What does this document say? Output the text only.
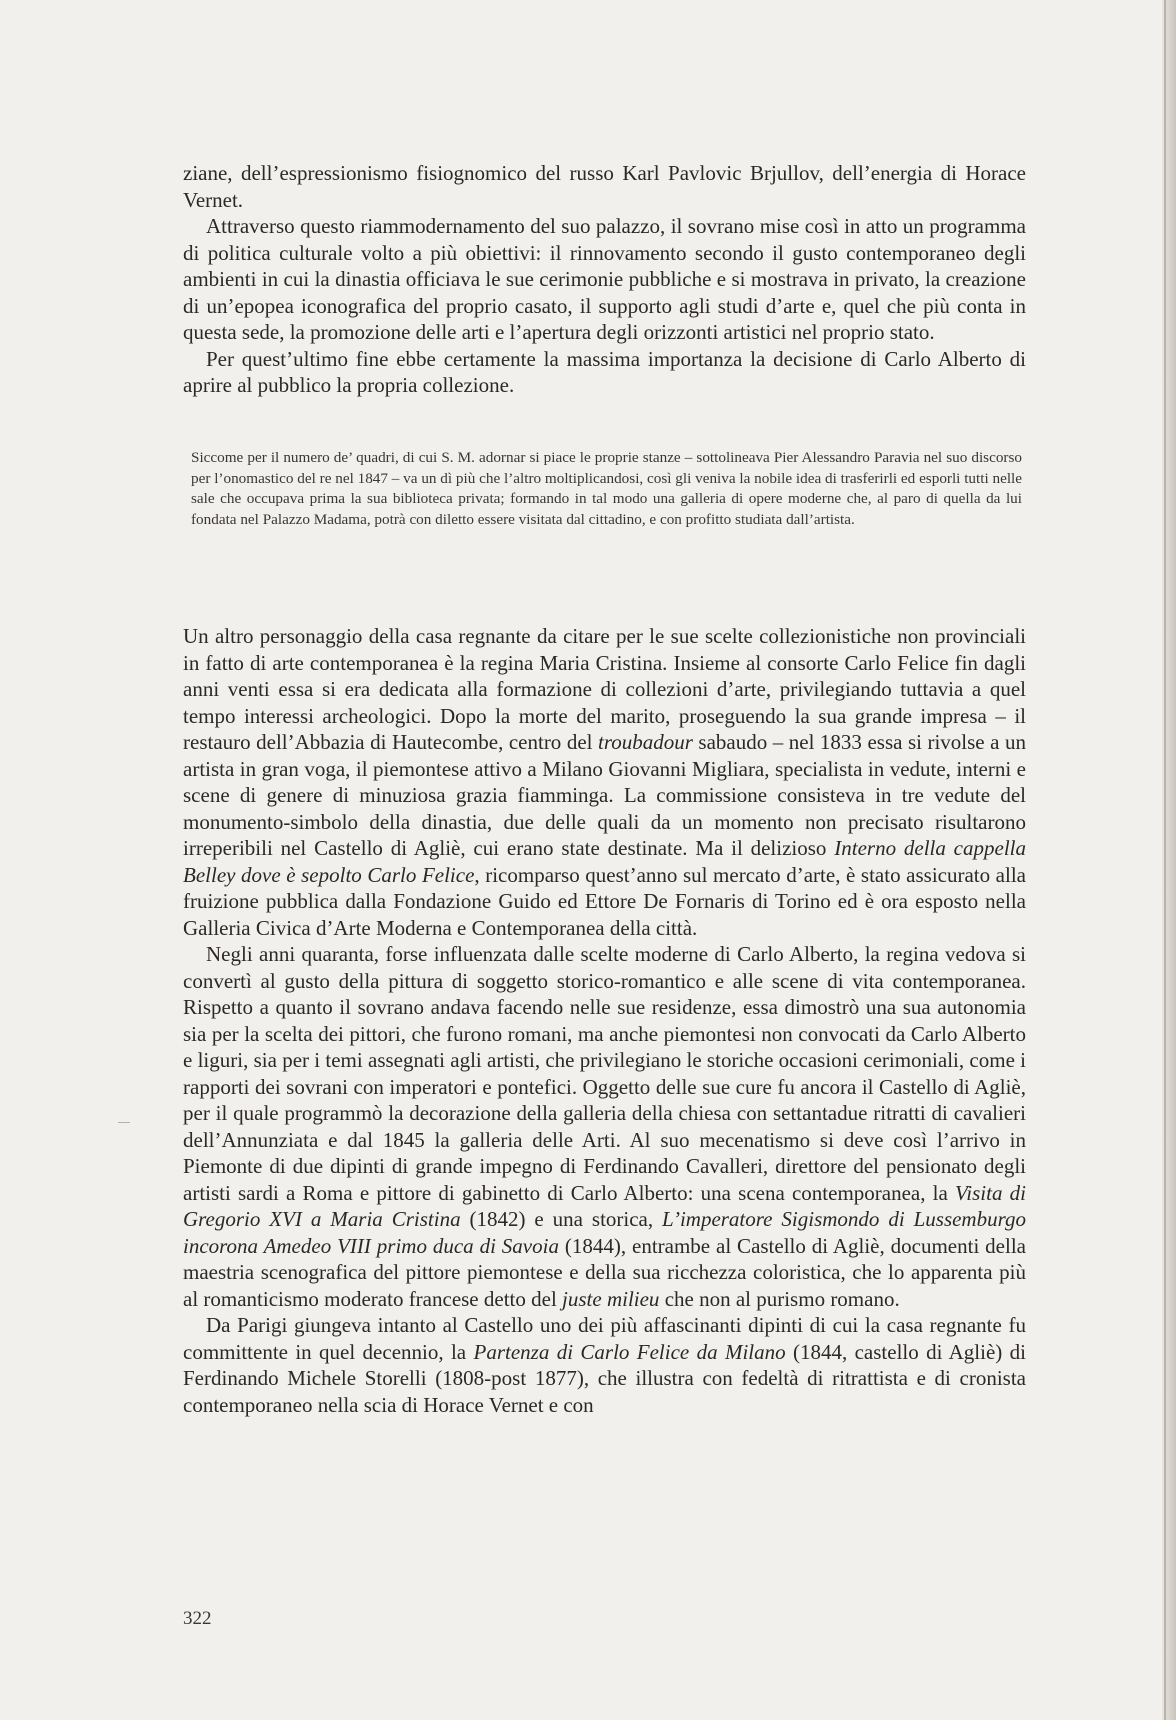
ziane, dell’espressionismo fisiognomico del russo Karl Pavlovic Brjullov, dell’energia di Horace Vernet.

Attraverso questo riammodernamento del suo palazzo, il sovrano mise così in atto un programma di politica culturale volto a più obiettivi: il rinnovamento secondo il gusto contemporaneo degli ambienti in cui la dinastia officiava le sue cerimonie pubbliche e si mostrava in privato, la creazione di un’epopea iconografica del proprio casato, il supporto agli studi d’arte e, quel che più conta in questa sede, la promozione delle arti e l’apertura degli orizzonti artistici nel proprio stato.

Per quest’ultimo fine ebbe certamente la massima importanza la decisione di Carlo Alberto di aprire al pubblico la propria collezione.

Siccome per il numero de’ quadri, di cui S. M. adornar si piace le proprie stanze – sottolineava Pier Alessandro Paravia nel suo discorso per l’onomastico del re nel 1847 – va un dì più che l’altro moltiplicandosi, così gli veniva la nobile idea di trasferirli ed esporli tutti nelle sale che occupava prima la sua biblioteca privata; formando in tal modo una galleria di opere moderne che, al paro di quella da lui fondata nel Palazzo Madama, potrà con diletto essere visitata dal cittadino, e con profitto studiata dall’artista.

Un altro personaggio della casa regnante da citare per le sue scelte collezionistiche non provinciali in fatto di arte contemporanea è la regina Maria Cristina. Insieme al consorte Carlo Felice fin dagli anni venti essa si era dedicata alla formazione di collezioni d’arte, privilegiando tuttavia a quel tempo interessi archeologici. Dopo la morte del marito, proseguendo la sua grande impresa – il restauro dell’Abbazia di Hautecombe, centro del troubadour sabaudo – nel 1833 essa si rivolse a un artista in gran voga, il piemontese attivo a Milano Giovanni Migliara, specialista in vedute, interni e scene di genere di minuziosa grazia fiamminga. La commissione consisteva in tre vedute del monumento-simbolo della dinastia, due delle quali da un momento non precisato risultarono irreperibili nel Castello di Agliè, cui erano state destinate. Ma il delizioso Interno della cappella Belley dove è sepolto Carlo Felice, ricomparso quest’anno sul mercato d’arte, è stato assicurato alla fruizione pubblica dalla Fondazione Guido ed Ettore De Fornaris di Torino ed è ora esposto nella Galleria Civica d’Arte Moderna e Contemporanea della città.

Negli anni quaranta, forse influenzata dalle scelte moderne di Carlo Alberto, la regina vedova si convertì al gusto della pittura di soggetto storico-romantico e alle scene di vita contemporanea. Rispetto a quanto il sovrano andava facendo nelle sue residenze, essa dimostrò una sua autonomia sia per la scelta dei pittori, che furono romani, ma anche piemontesi non convocati da Carlo Alberto e liguri, sia per i temi assegnati agli artisti, che privilegiano le storiche occasioni cerimoniali, come i rapporti dei sovrani con imperatori e pontefici. Oggetto delle sue cure fu ancora il Castello di Agliè, per il quale programmò la decorazione della galleria della chiesa con settantadue ritratti di cavalieri dell’Annunziata e dal 1845 la galleria delle Arti. Al suo mecenatismo si deve così l’arrivo in Piemonte di due dipinti di grande impegno di Ferdinando Cavalleri, direttore del pensionato degli artisti sardi a Roma e pittore di gabinetto di Carlo Alberto: una scena contemporanea, la Visita di Gregorio XVI a Maria Cristina (1842) e una storica, L’imperatore Sigismondo di Lussemburgo incorona Amedeo VIII primo duca di Savoia (1844), entrambe al Castello di Agliè, documenti della maestria scenografica del pittore piemontese e della sua ricchezza coloristica, che lo apparenta più al romanticismo moderato francese detto del juste milieu che non al purismo romano.

Da Parigi giungeva intanto al Castello uno dei più affascinanti dipinti di cui la casa regnante fu committente in quel decennio, la Partenza di Carlo Felice da Milano (1844, castello di Agliè) di Ferdinando Michele Storelli (1808-post 1877), che illustra con fedeltà di ritrattista e di cronista contemporaneo nella scia di Horace Vernet e con

322
